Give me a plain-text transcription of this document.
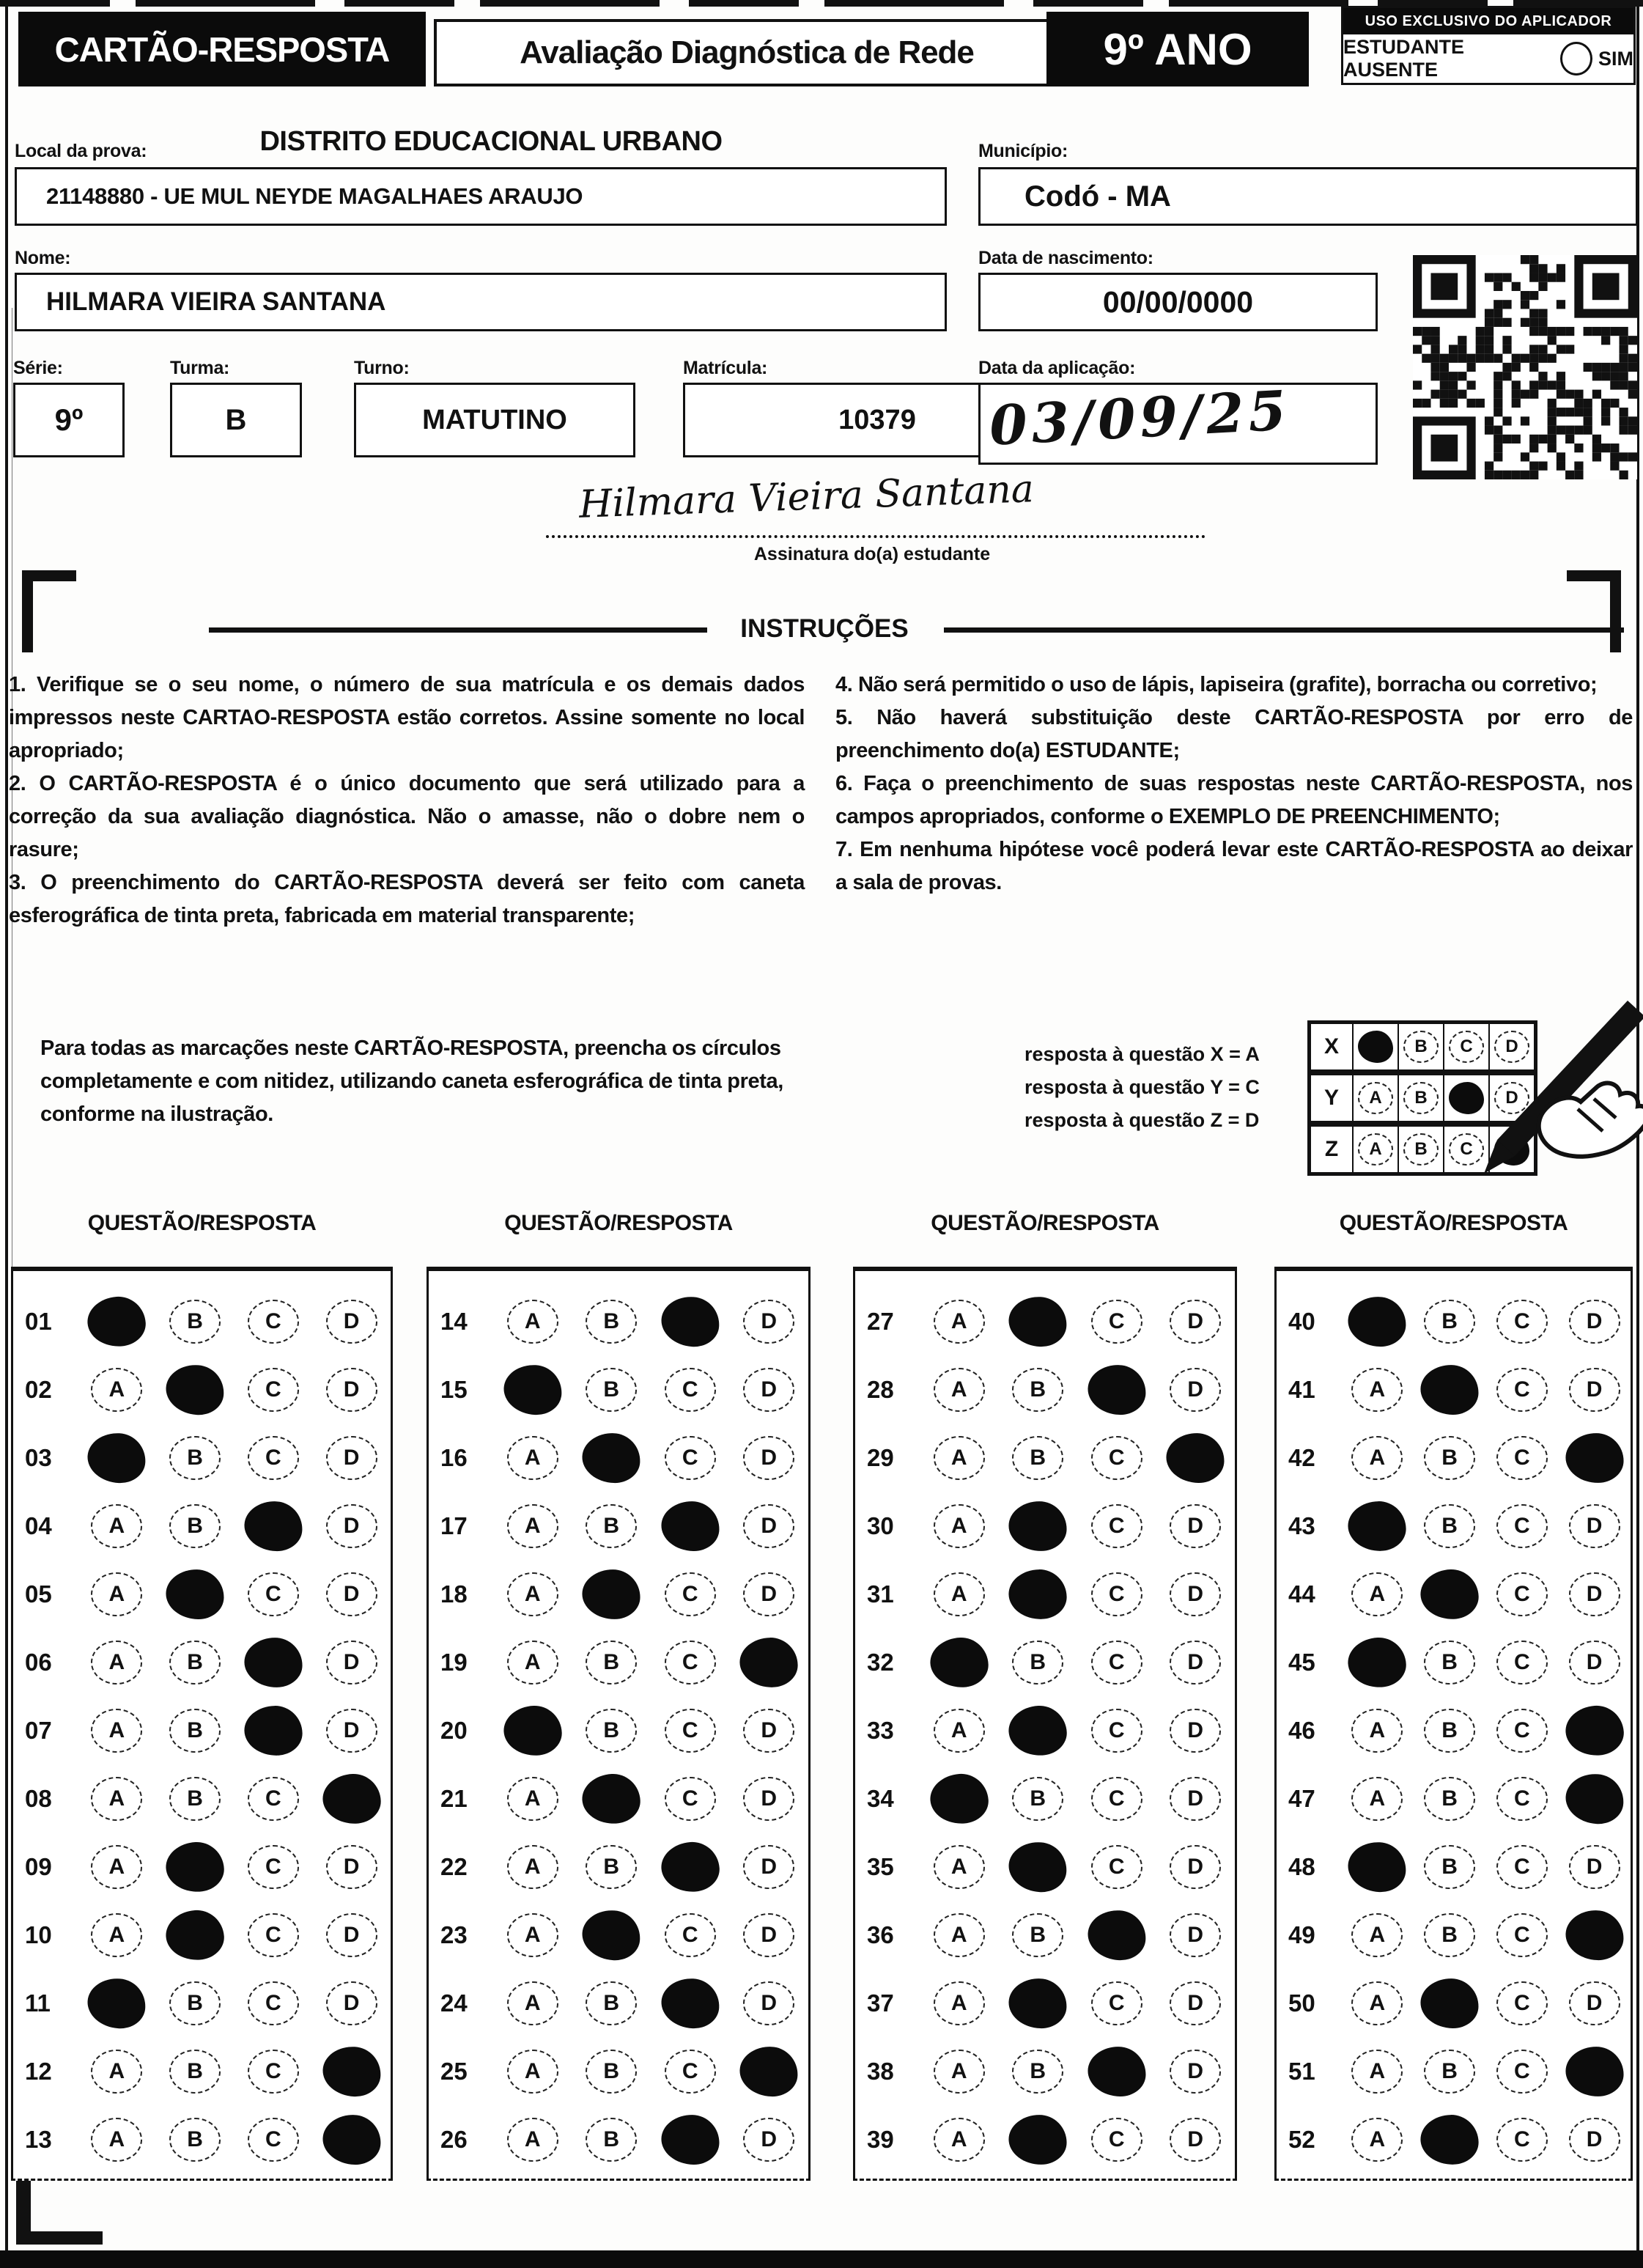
CARTÃO-RESPOSTA	Avaliação Diagnóstica de Rede	9º ANO
USO EXCLUSIVO DO APLICADOR
ESTUDANTE AUSENTE
SIM
Local da prova:	DISTRITO EDUCACIONAL URBANO
21148880 - UE MUL NEYDE MAGALHAES ARAUJO
Município:
Codó - MA
Nome:
HILMARA VIEIRA SANTANA
Data de nascimento:
00/00/0000
Série:
9º
Turma:
B
Turno:
MATUTINO
Matrícula:
10379
Data da aplicação:
03/09/25
Hilmara Vieira Santana
Assinatura do(a) estudante
INSTRUÇÕES

1. Verifique se o seu nome, o número de sua matrícula e os demais dados impressos neste CARTAO-RESPOSTA estão corretos. Assine somente no local apropriado;

2. O CARTÃO-RESPOSTA é o único documento que será utilizado para a correção da sua avaliação diagnóstica. Não o amasse, não o dobre nem o rasure;

3. O preenchimento do CARTÃO-RESPOSTA deverá ser feito com caneta esferográfica de tinta preta, fabricada em material transparente;

4. Não será permitido o uso de lápis, lapiseira (grafite), borracha ou corretivo;

5. Não haverá substituição deste CARTÃO-RESPOSTA por erro de preenchimento do(a) ESTUDANTE;

6. Faça o preenchimento de suas respostas neste CARTÃO-RESPOSTA, nos campos apropriados, conforme o EXEMPLO DE PREENCHIMENTO;

7. Em nenhuma hipótese você poderá levar este CARTÃO-RESPOSTA ao deixar a sala de provas.

Para todas as marcações neste CARTÃO-RESPOSTA, preencha os círculos completamente e com nitidez, utilizando caneta esferográfica de tinta preta, conforme na ilustração.
resposta à questão X = A
resposta à questão Y = C
resposta à questão Z = D
X	B	C	D
Y	A	B	D
Z	A	B	C
QUESTÃO/RESPOSTA
01	B	C	D
02	A	C	D
03	B	C	D
04	A	B	D
05	A	C	D
06	A	B	D
07	A	B	D
08	A	B	C
09	A	C	D
10	A	C	D
11	B	C	D
12	A	B	C
13	A	B	C
QUESTÃO/RESPOSTA
14	A	B	D
15	B	C	D
16	A	C	D
17	A	B	D
18	A	C	D
19	A	B	C
20	B	C	D
21	A	C	D
22	A	B	D
23	A	C	D
24	A	B	D
25	A	B	C
26	A	B	D
QUESTÃO/RESPOSTA
27	A	C	D
28	A	B	D
29	A	B	C
30	A	C	D
31	A	C	D
32	B	C	D
33	A	C	D
34	B	C	D
35	A	C	D
36	A	B	D
37	A	C	D
38	A	B	D
39	A	C	D
QUESTÃO/RESPOSTA
40	B	C	D
41	A	C	D
42	A	B	C
43	B	C	D
44	A	C	D
45	B	C	D
46	A	B	C
47	A	B	C
48	B	C	D
49	A	B	C
50	A	C	D
51	A	B	C
52	A	C	D
